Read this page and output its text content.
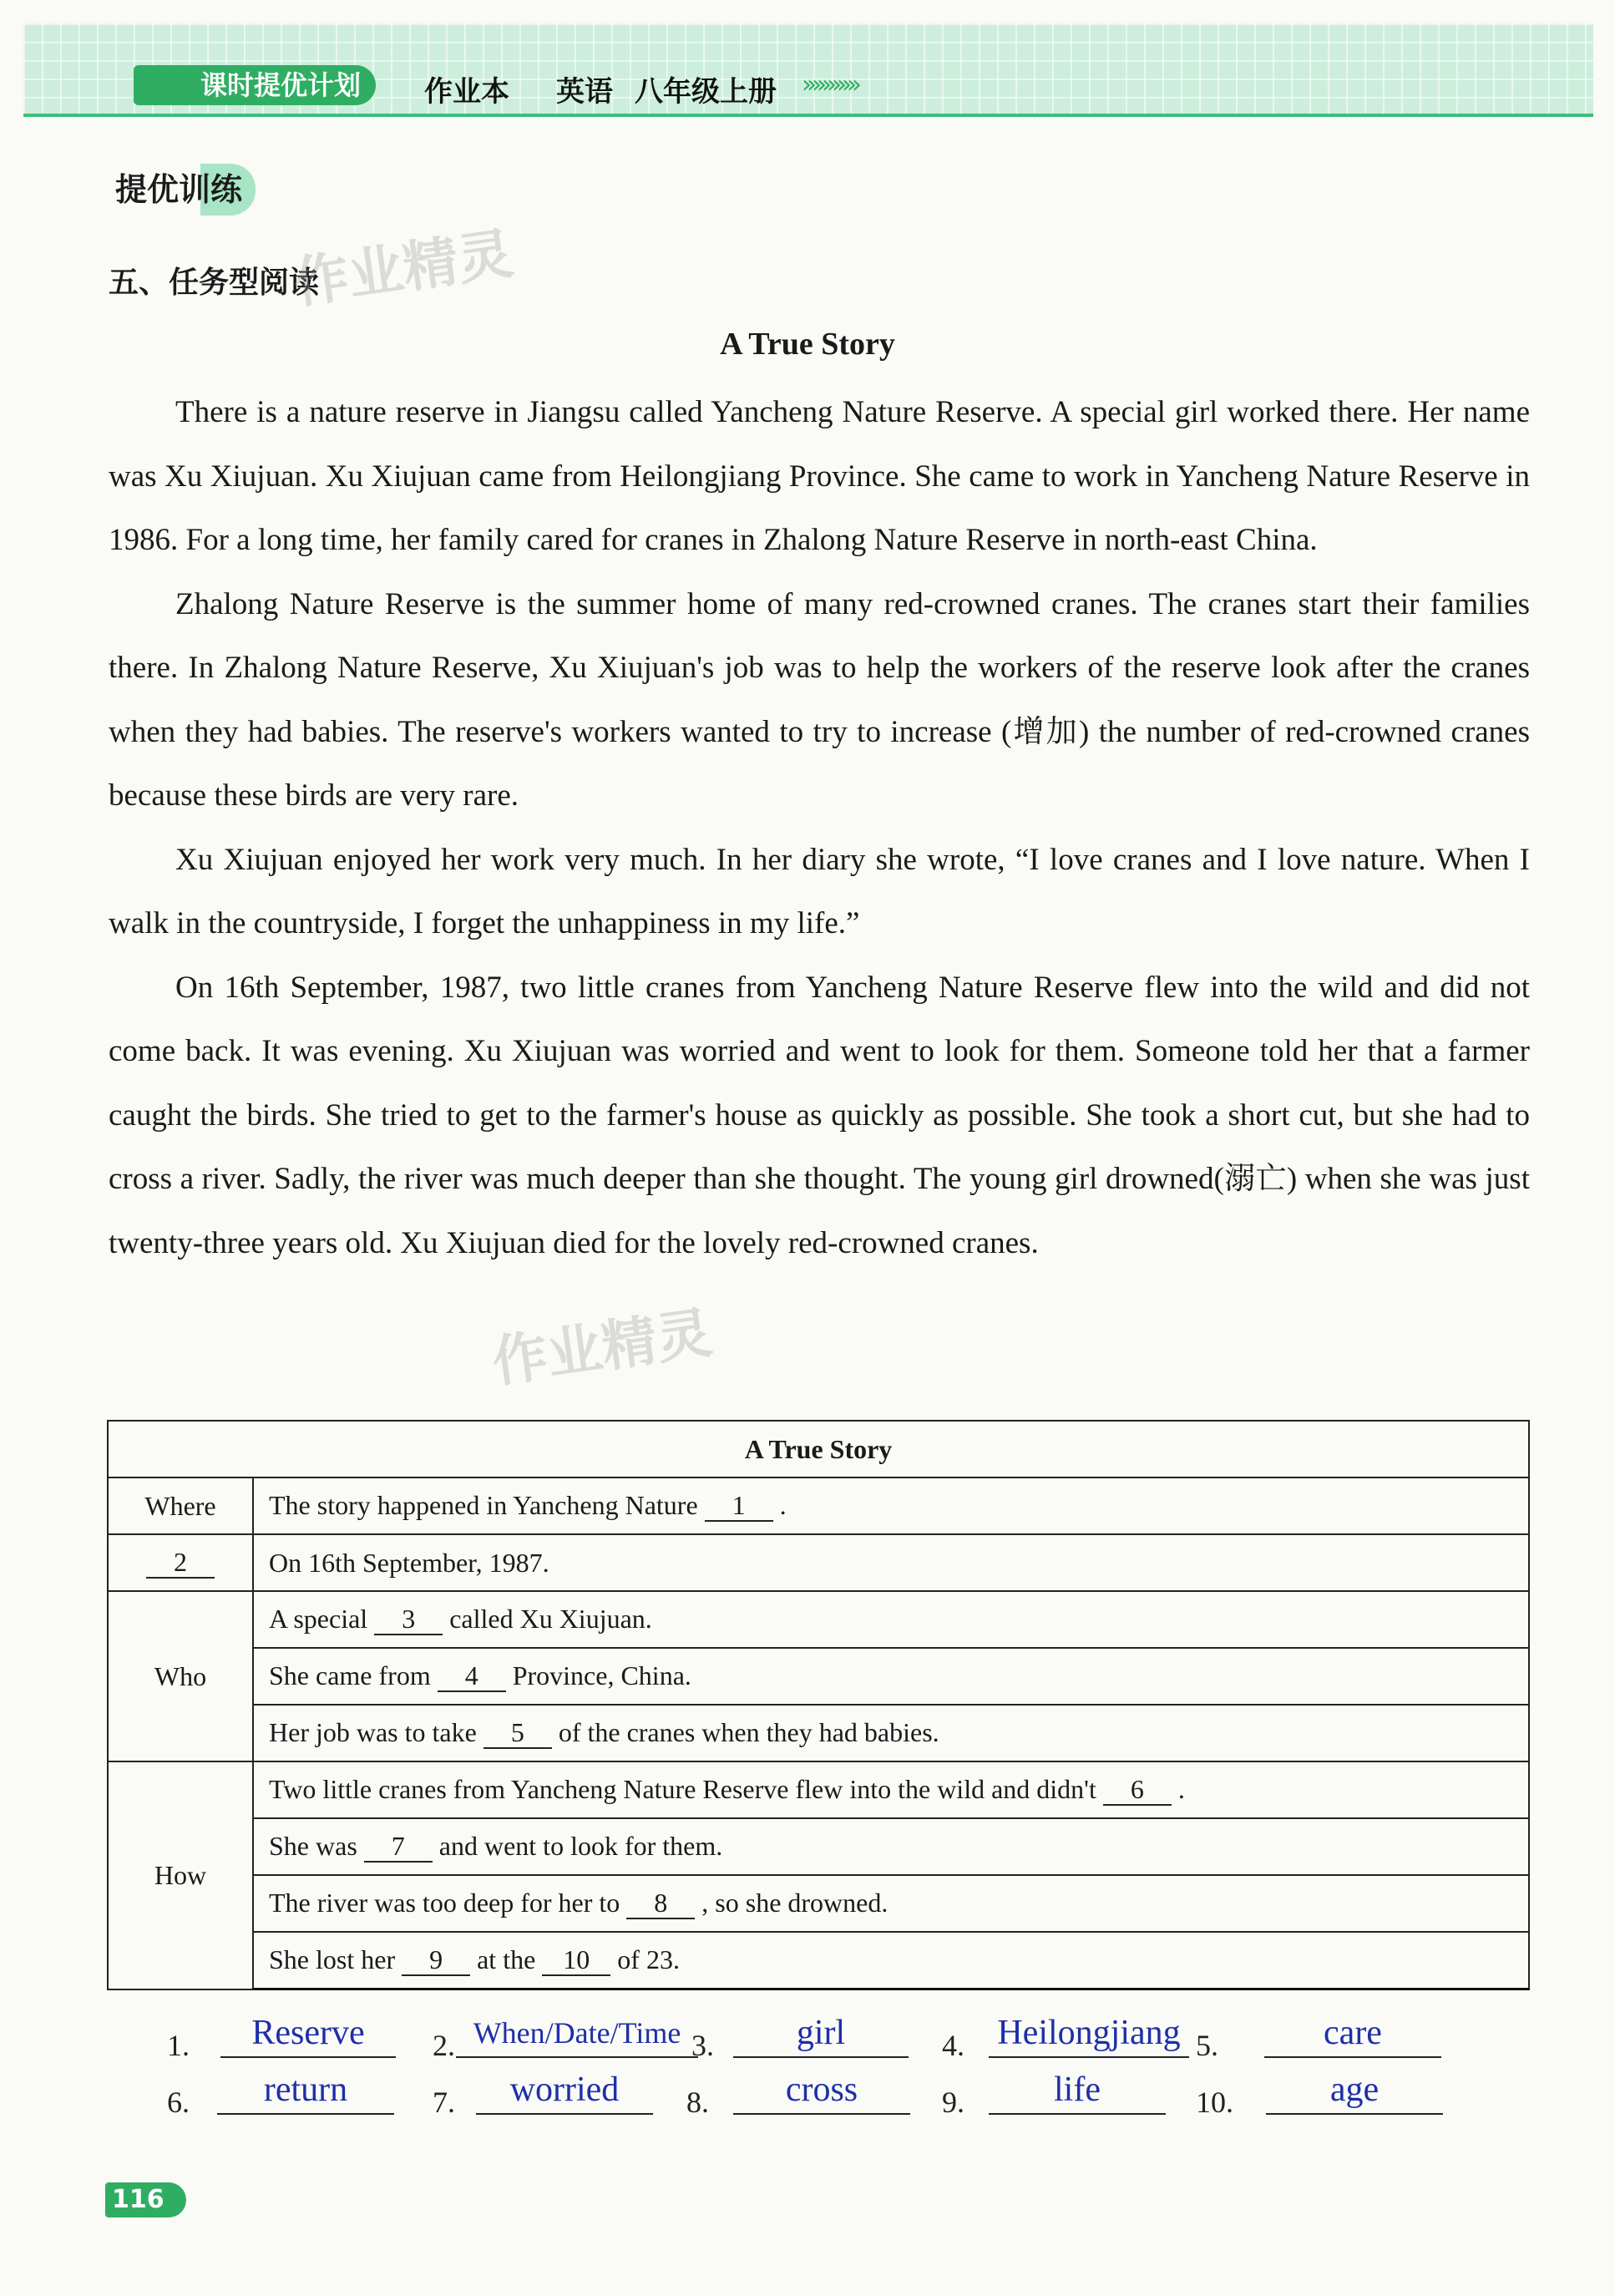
课时提优计划	作业本 英语 八年级上册 ›››››››››››
提优训练
五、任务型阅读
作业精灵
作业精灵
A True Story

There is a nature reserve in Jiangsu called Yancheng Nature Reserve. A special girl worked there. Her name was Xu Xiujuan. Xu Xiujuan came from Heilongjiang Province. She came to work in Yancheng Nature Reserve in 1986. For a long time, her family cared for cranes in Zhalong Nature Reserve in north-east China.

Zhalong Nature Reserve is the summer home of many red-crowned cranes. The cranes start their families there. In Zhalong Nature Reserve, Xu Xiujuan's job was to help the workers of the reserve look after the cranes when they had babies. The reserve's workers wanted to try to increase (增加) the number of red-crowned cranes because these birds are very rare.

Xu Xiujuan enjoyed her work very much. In her diary she wrote, “I love cranes and I love nature. When I walk in the countryside, I forget the unhappiness in my life.”

On 16th September, 1987, two little cranes from Yancheng Nature Reserve flew into the wild and did not come back. It was evening. Xu Xiujuan was worried and went to look for them. Someone told her that a farmer caught the birds. She tried to get to the farmer's house as quickly as possible. She took a short cut, but she had to cross a river. Sadly, the river was much deeper than she thought. The young girl drowned(溺亡) when she was just twenty-three years old. Xu Xiujuan died for the lovely red-crowned cranes.

A True Story	
Where	The story happened in Yancheng Nature 1 .
2	On 16th September, 1987.
Who	A special 3 called Xu Xiujuan.
	She came from 4 Province, China.
	Her job was to take 5 of the cranes when they had babies.
How	Two little cranes from Yancheng Nature Reserve flew into the wild and didn't 6 .
	She was 7 and went to look for them.
	The river was too deep for her to 8 , so she drowned.
	She lost her 9 at the 10 of 23.
1.	Reserve	2. When/Date/Time 3.	girl	4. Heilongjiang 5.	care
6.	return	7.	worried	8.	cross	9.	life	10.	age
116
